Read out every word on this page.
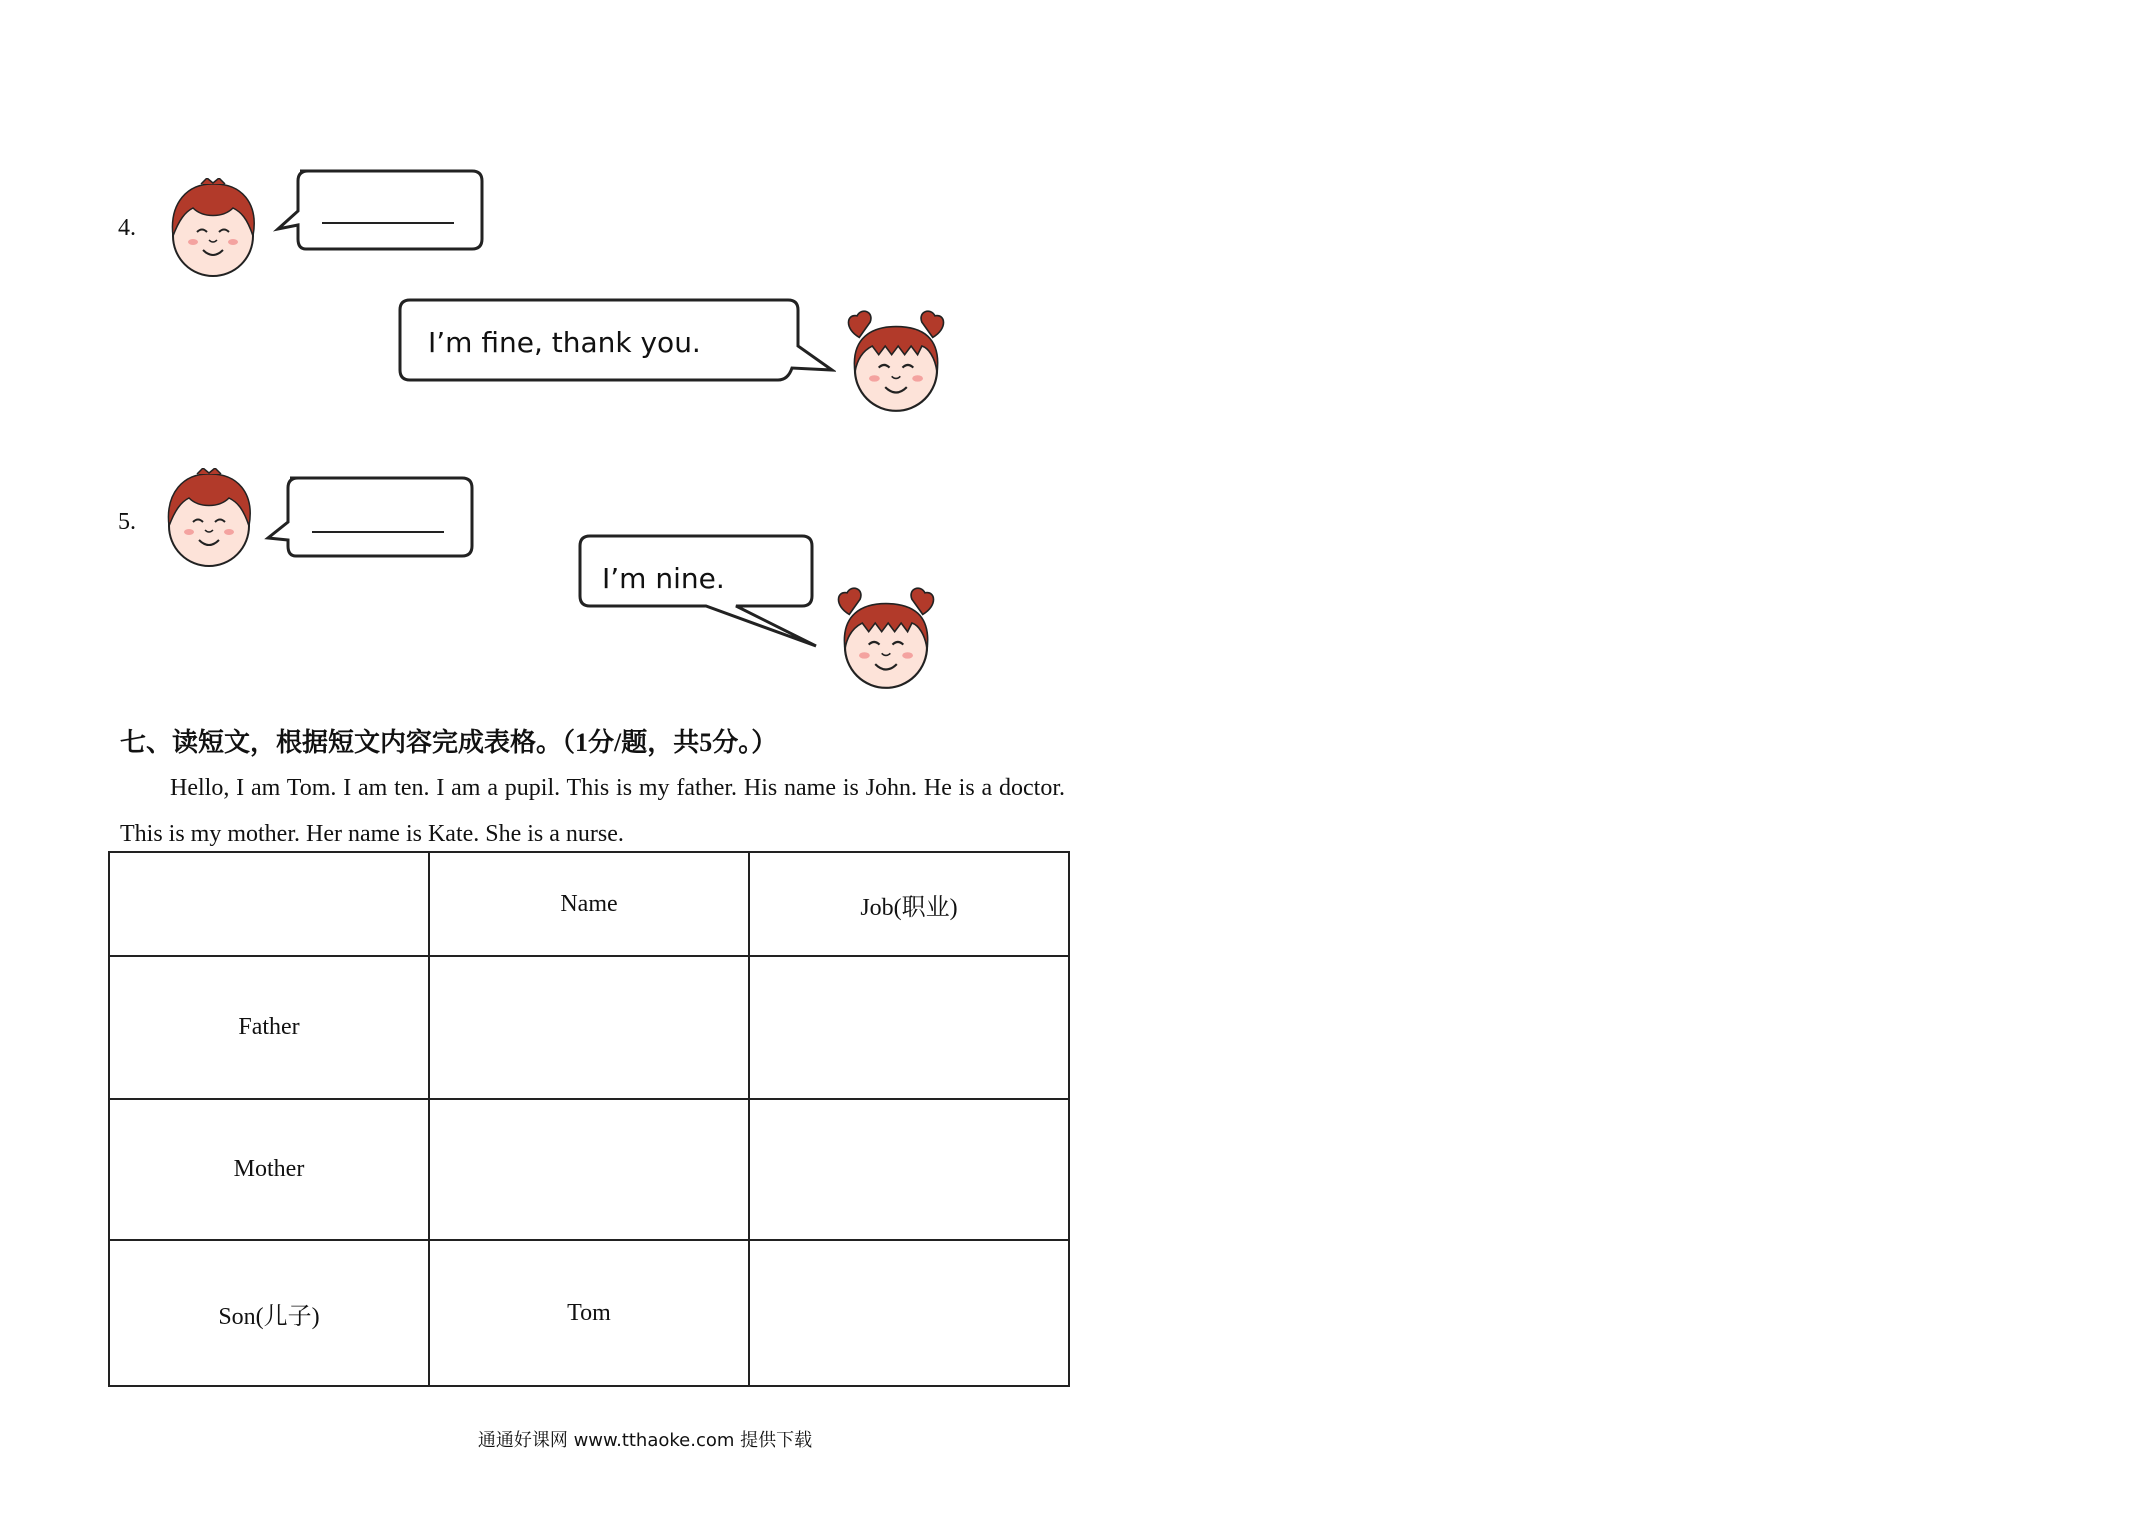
4.
I’m fine, thank you.
5.
I’m nine.
七、读短文，根据短文内容完成表格。（1分/题，共5分。）
Hello, I am Tom. I am ten. I am a pupil. This is my father. His name is John. He is a doctor. This is my mother. Her name is Kate. She is a nurse.
	Name	Job(职业)
Father		
Mother		
Son(儿子)	Tom	
通通好课网 www.tthaoke.com 提供下载
